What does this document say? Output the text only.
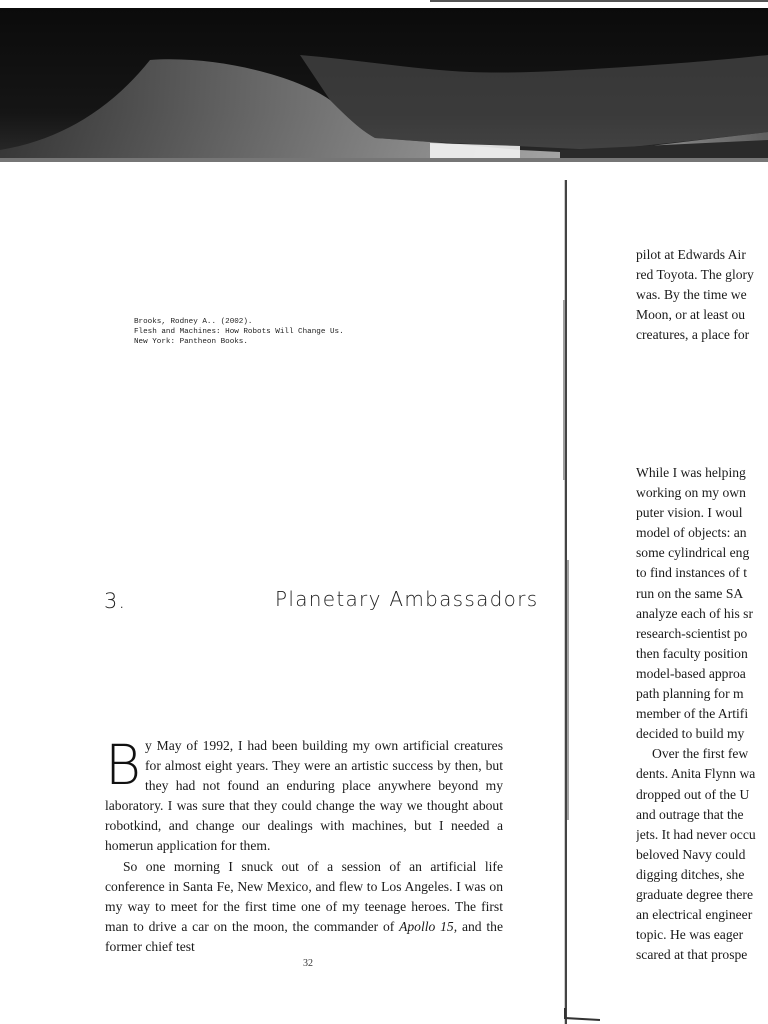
Brooks, Rodney A.. (2002).
Flesh and Machines: How Robots Will Change Us.
New York: Pantheon Books.
3.	Planetary Ambassadors

By May of 1992, I had been building my own artificial creatures for almost eight years. They were an artistic success by then, but they had not found an enduring place anywhere beyond my laboratory. I was sure that they could change the way we thought about robotkind, and change our dealings with machines, but I needed a homerun application for them.

So one morning I snuck out of a session of an artificial life conference in Santa Fe, New Mexico, and flew to Los Angeles. I was on my way to meet for the first time one of my teenage heroes. The first man to drive a car on the moon, the commander of Apollo 15, and the former chief test

32
pilot at Edwards Air
red Toyota. The glory
was. By the time we
Moon, or at least ou
creatures, a place for
While I was helping
working on my own
puter vision. I woul
model of objects: an
some cylindrical eng
to find instances of t
run on the same SA
analyze each of his sr
research-scientist po
then faculty position
model-based approa
path planning for m
member of the Artifi
decided to build my
Over the first few
dents. Anita Flynn wa
dropped out of the U
and outrage that the
jets. It had never occu
beloved Navy could
digging ditches, she
graduate degree there
an electrical engineer
topic. He was eager
scared at that prospe
